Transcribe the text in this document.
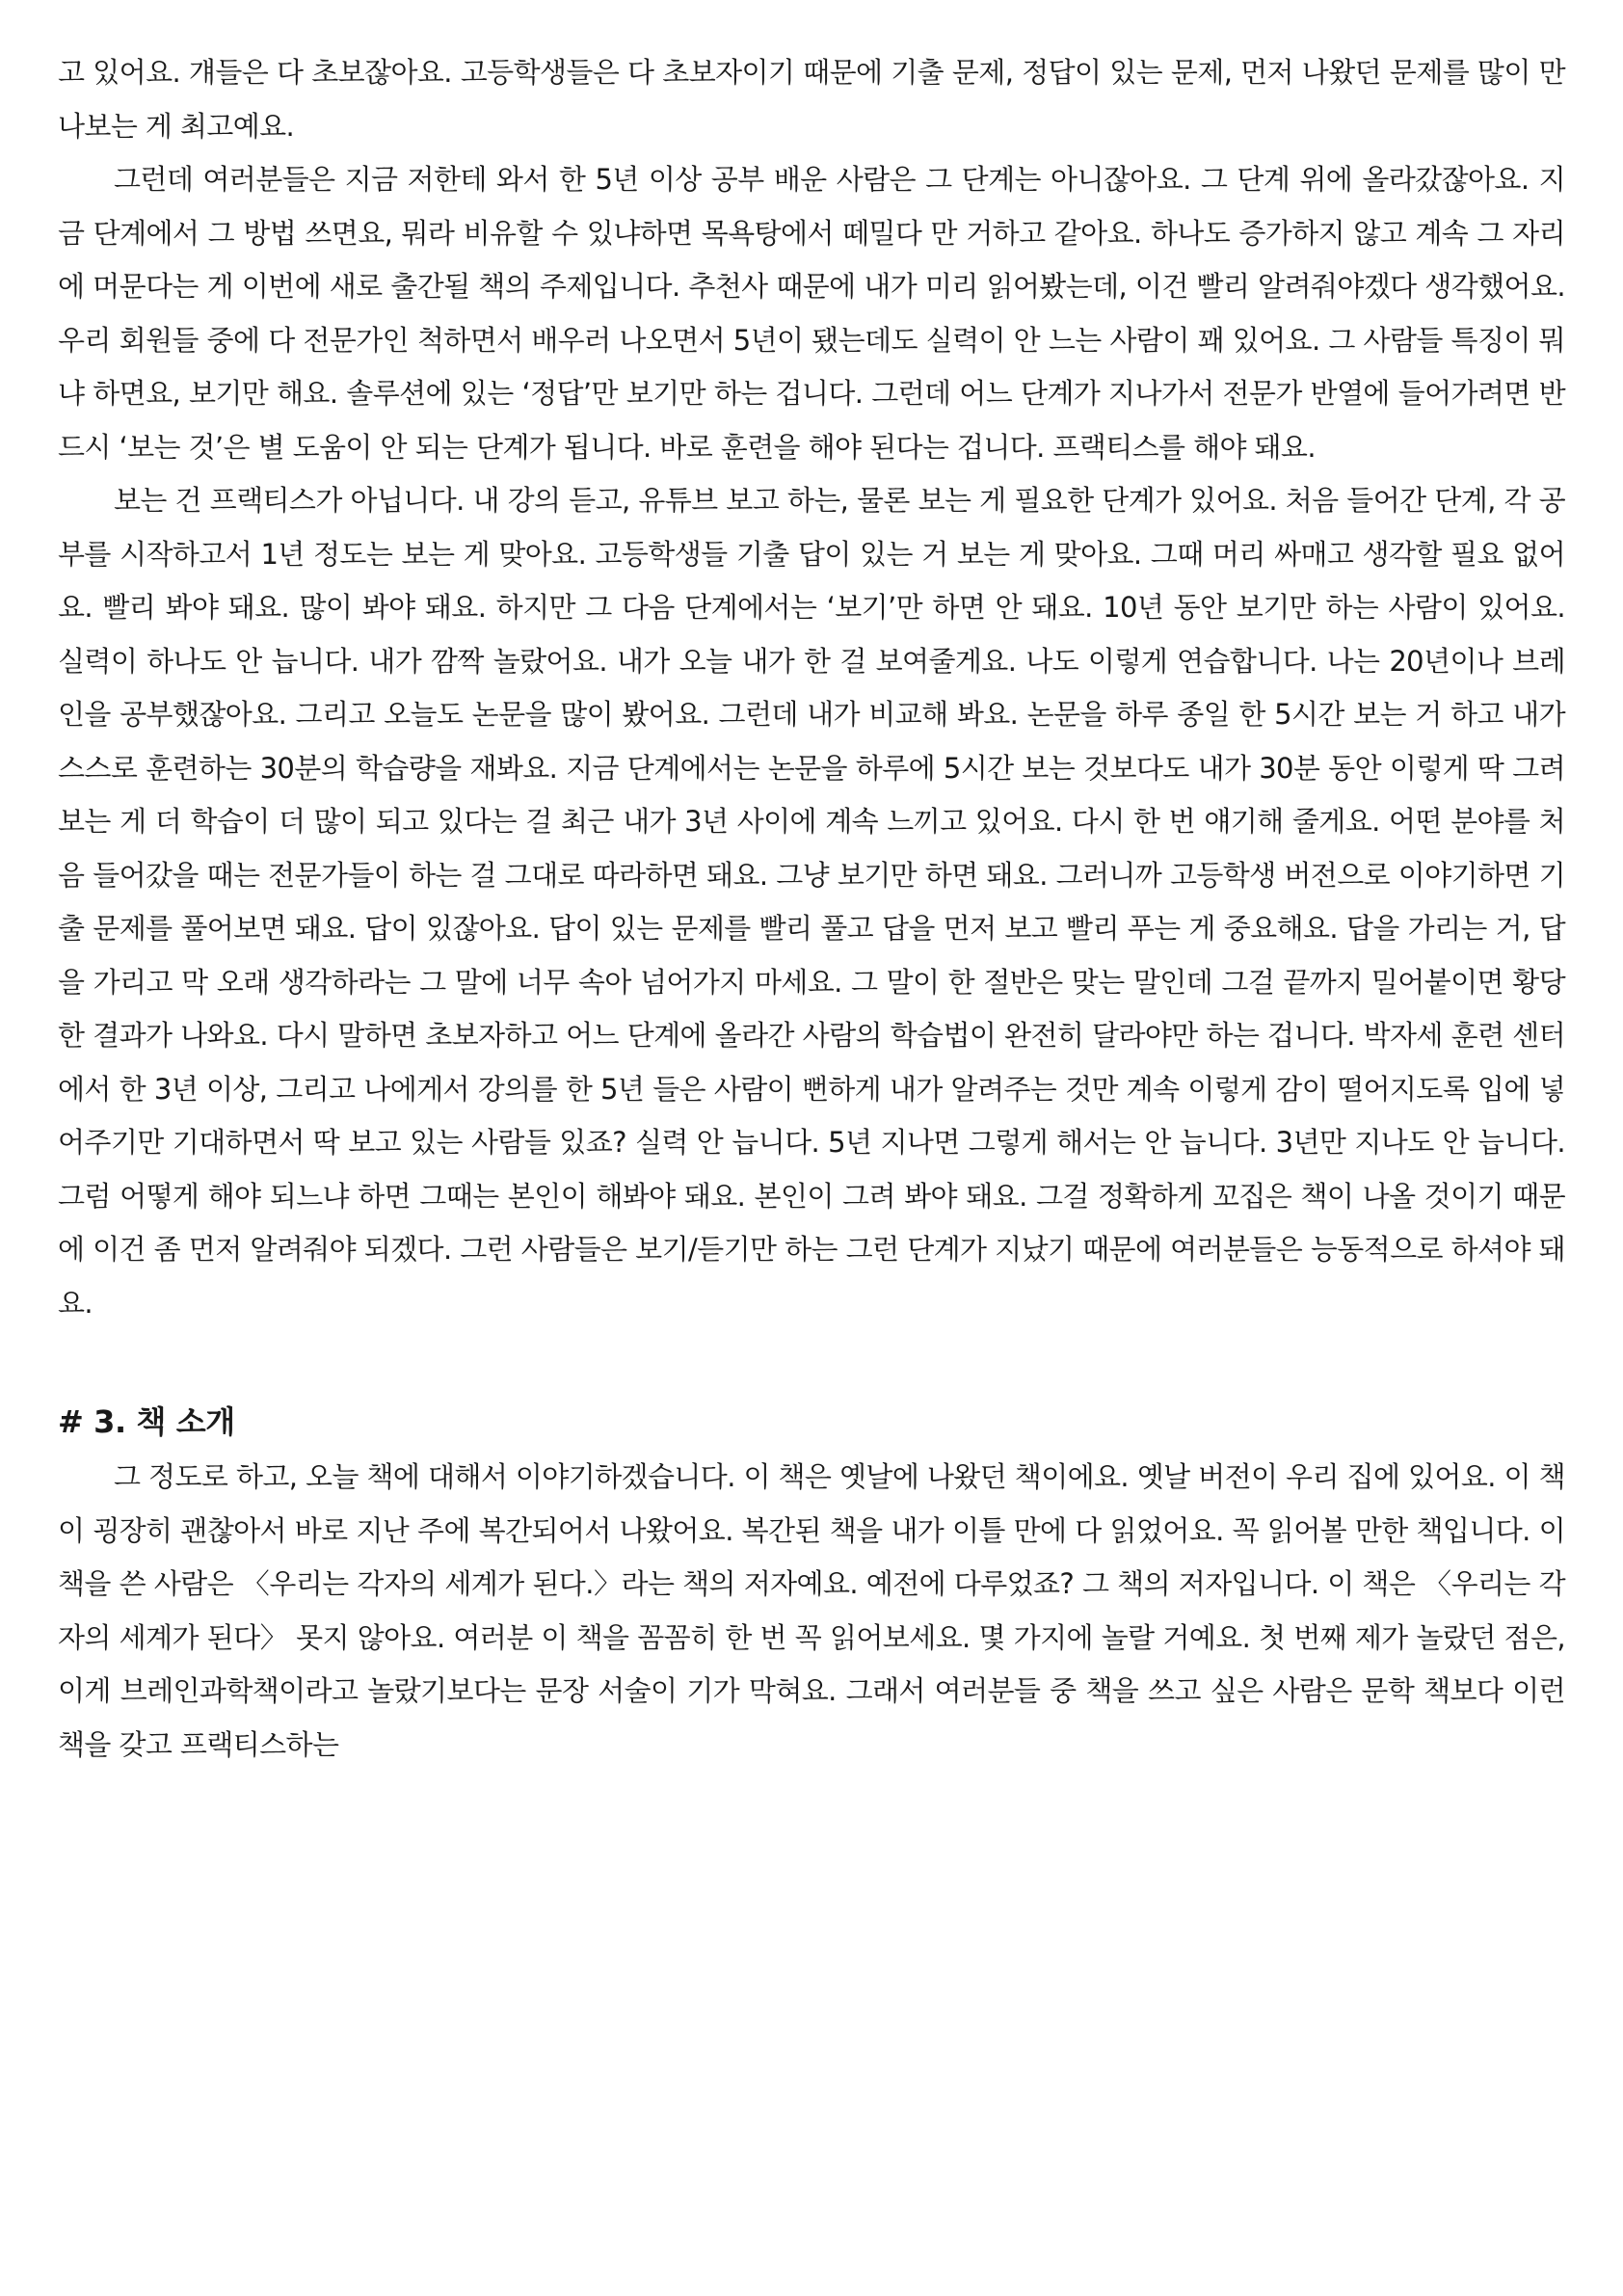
고 있어요. 걔들은 다 초보잖아요. 고등학생들은 다 초보자이기 때문에 기출 문제, 정답이 있는 문제, 먼저 나왔던 문제를 많이 만나보는 게 최고예요.

그런데 여러분들은 지금 저한테 와서 한 5년 이상 공부 배운 사람은 그 단계는 아니잖아요. 그 단계 위에 올라갔잖아요. 지금 단계에서 그 방법 쓰면요, 뭐라 비유할 수 있냐하면 목욕탕에서 떼밀다 만 거하고 같아요. 하나도 증가하지 않고 계속 그 자리에 머문다는 게 이번에 새로 출간될 책의 주제입니다. 추천사 때문에 내가 미리 읽어봤는데, 이건 빨리 알려줘야겠다 생각했어요. 우리 회원들 중에 다 전문가인 척하면서 배우러 나오면서 5년이 됐는데도 실력이 안 느는 사람이 꽤 있어요. 그 사람들 특징이 뭐냐 하면요, 보기만 해요. 솔루션에 있는 ‘정답’만 보기만 하는 겁니다. 그런데 어느 단계가 지나가서 전문가 반열에 들어가려면 반드시 ‘보는 것’은 별 도움이 안 되는 단계가 됩니다. 바로 훈련을 해야 된다는 겁니다. 프랙티스를 해야 돼요.

보는 건 프랙티스가 아닙니다. 내 강의 듣고, 유튜브 보고 하는, 물론 보는 게 필요한 단계가 있어요. 처음 들어간 단계, 각 공부를 시작하고서 1년 정도는 보는 게 맞아요. 고등학생들 기출 답이 있는 거 보는 게 맞아요. 그때 머리 싸매고 생각할 필요 없어요. 빨리 봐야 돼요. 많이 봐야 돼요. 하지만 그 다음 단계에서는 ‘보기’만 하면 안 돼요. 10년 동안 보기만 하는 사람이 있어요. 실력이 하나도 안 늡니다. 내가 깜짝 놀랐어요. 내가 오늘 내가 한 걸 보여줄게요. 나도 이렇게 연습합니다. 나는 20년이나 브레인을 공부했잖아요. 그리고 오늘도 논문을 많이 봤어요. 그런데 내가 비교해 봐요. 논문을 하루 종일 한 5시간 보는 거 하고 내가 스스로 훈련하는 30분의 학습량을 재봐요. 지금 단계에서는 논문을 하루에 5시간 보는 것보다도 내가 30분 동안 이렇게 딱 그려보는 게 더 학습이 더 많이 되고 있다는 걸 최근 내가 3년 사이에 계속 느끼고 있어요. 다시 한 번 얘기해 줄게요. 어떤 분야를 처음 들어갔을 때는 전문가들이 하는 걸 그대로 따라하면 돼요. 그냥 보기만 하면 돼요. 그러니까 고등학생 버전으로 이야기하면 기출 문제를 풀어보면 돼요. 답이 있잖아요. 답이 있는 문제를 빨리 풀고 답을 먼저 보고 빨리 푸는 게 중요해요. 답을 가리는 거, 답을 가리고 막 오래 생각하라는 그 말에 너무 속아 넘어가지 마세요. 그 말이 한 절반은 맞는 말인데 그걸 끝까지 밀어붙이면 황당한 결과가 나와요. 다시 말하면 초보자하고 어느 단계에 올라간 사람의 학습법이 완전히 달라야만 하는 겁니다. 박자세 훈련 센터에서 한 3년 이상, 그리고 나에게서 강의를 한 5년 들은 사람이 뻔하게 내가 알려주는 것만 계속 이렇게 감이 떨어지도록 입에 넣어주기만 기대하면서 딱 보고 있는 사람들 있죠? 실력 안 늡니다. 5년 지나면 그렇게 해서는 안 늡니다. 3년만 지나도 안 늡니다. 그럼 어떻게 해야 되느냐 하면 그때는 본인이 해봐야 돼요. 본인이 그려 봐야 돼요. 그걸 정확하게 꼬집은 책이 나올 것이기 때문에 이건 좀 먼저 알려줘야 되겠다. 그런 사람들은 보기/듣기만 하는 그런 단계가 지났기 때문에 여러분들은 능동적으로 하셔야 돼요.

# 3. 책 소개

그 정도로 하고, 오늘 책에 대해서 이야기하겠습니다. 이 책은 옛날에 나왔던 책이에요. 옛날 버전이 우리 집에 있어요. 이 책이 굉장히 괜찮아서 바로 지난 주에 복간되어서 나왔어요. 복간된 책을 내가 이틀 만에 다 읽었어요. 꼭 읽어볼 만한 책입니다. 이 책을 쓴 사람은 〈우리는 각자의 세계가 된다.〉라는 책의 저자예요. 예전에 다루었죠? 그 책의 저자입니다. 이 책은 〈우리는 각자의 세계가 된다〉 못지 않아요. 여러분 이 책을 꼼꼼히 한 번 꼭 읽어보세요. 몇 가지에 놀랄 거예요. 첫 번째 제가 놀랐던 점은, 이게 브레인과학책이라고 놀랐기보다는 문장 서술이 기가 막혀요. 그래서 여러분들 중 책을 쓰고 싶은 사람은 문학 책보다 이런 책을 갖고 프랙티스하는
